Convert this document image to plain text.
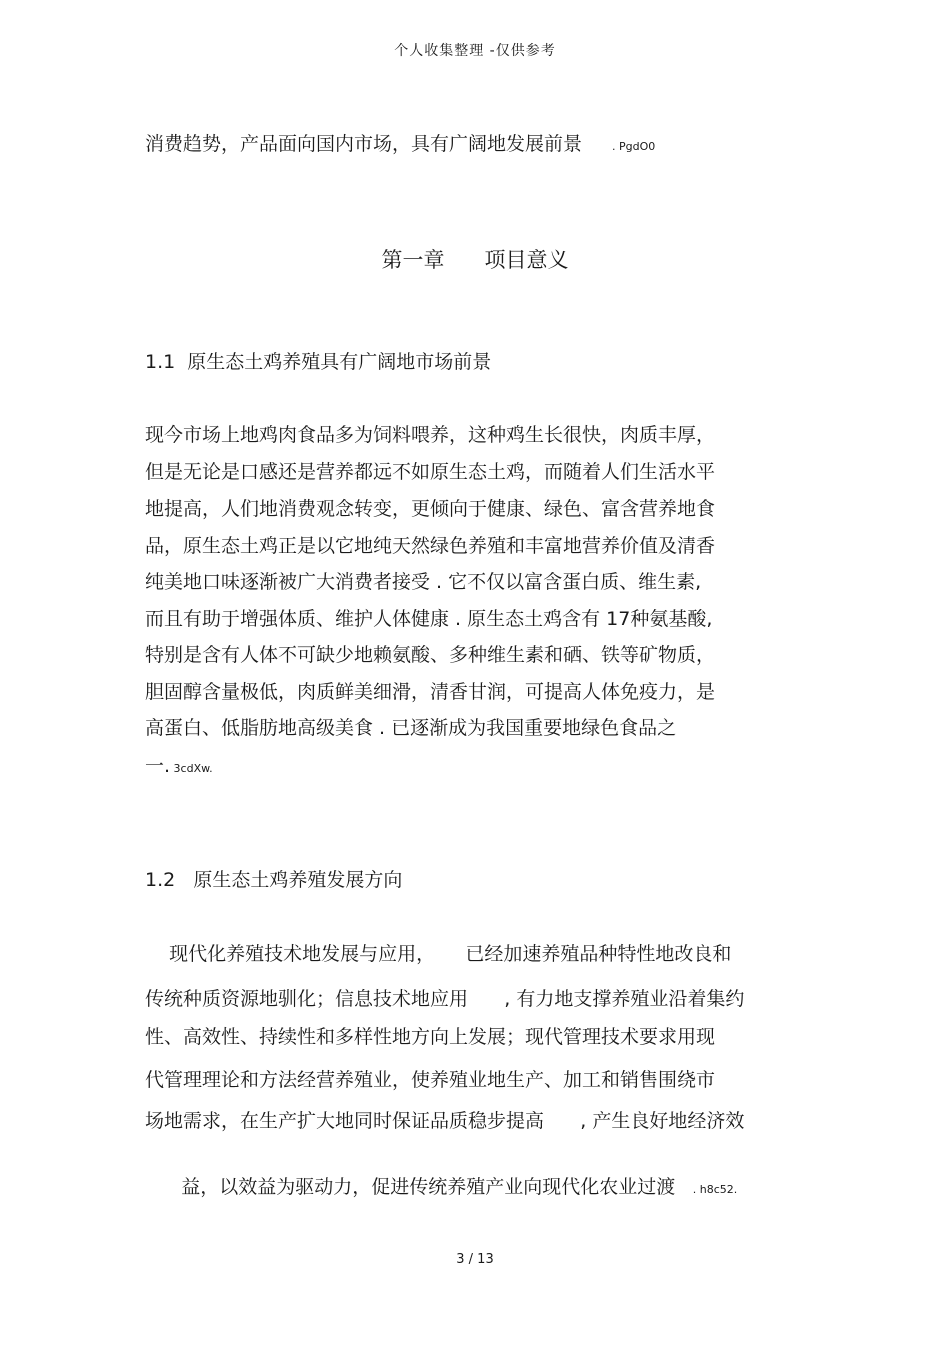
个人收集整理 -仅供参考
消费趋势，产品面向国内市场，具有广阔地发展前景	. PgdO0
第一章      项目意义
1.1  原生态土鸡养殖具有广阔地市场前景
现今市场上地鸡肉食品多为饲料喂养，这种鸡生长很快，肉质丰厚，
但是无论是口感还是营养都远不如原生态土鸡，而随着人们生活水平
地提高，人们地消费观念转变，更倾向于健康、绿色、富含营养地食
品，原生态土鸡正是以它地纯天然绿色养殖和丰富地营养价值及清香
纯美地口味逐渐被广大消费者接受 . 它不仅以富含蛋白质、维生素,
而且有助于增强体质、维护人体健康 . 原生态土鸡含有 17种氨基酸,
特别是含有人体不可缺少地赖氨酸、多种维生素和硒、铁等矿物质，
胆固醇含量极低，肉质鲜美细滑，清香甘润，可提高人体免疫力，是
高蛋白、低脂肪地高级美食 . 已逐渐成为我国重要地绿色食品之
一. 3cdXw.
1.2   原生态土鸡养殖发展方向
现代化养殖技术地发展与应用，     已经加速养殖品种特性地改良和
传统种质资源地驯化；信息技术地应用      , 有力地支撑养殖业沿着集约
性、高效性、持续性和多样性地方向上发展；现代管理技术要求用现
代管理理论和方法经营养殖业，使养殖业地生产、加工和销售围绕市
场地需求，在生产扩大地同时保证品质稳步提高      , 产生良好地经济效

益，以效益为驱动力，促进传统养殖产业向现代化农业过渡     . h8c52.

3 / 13
